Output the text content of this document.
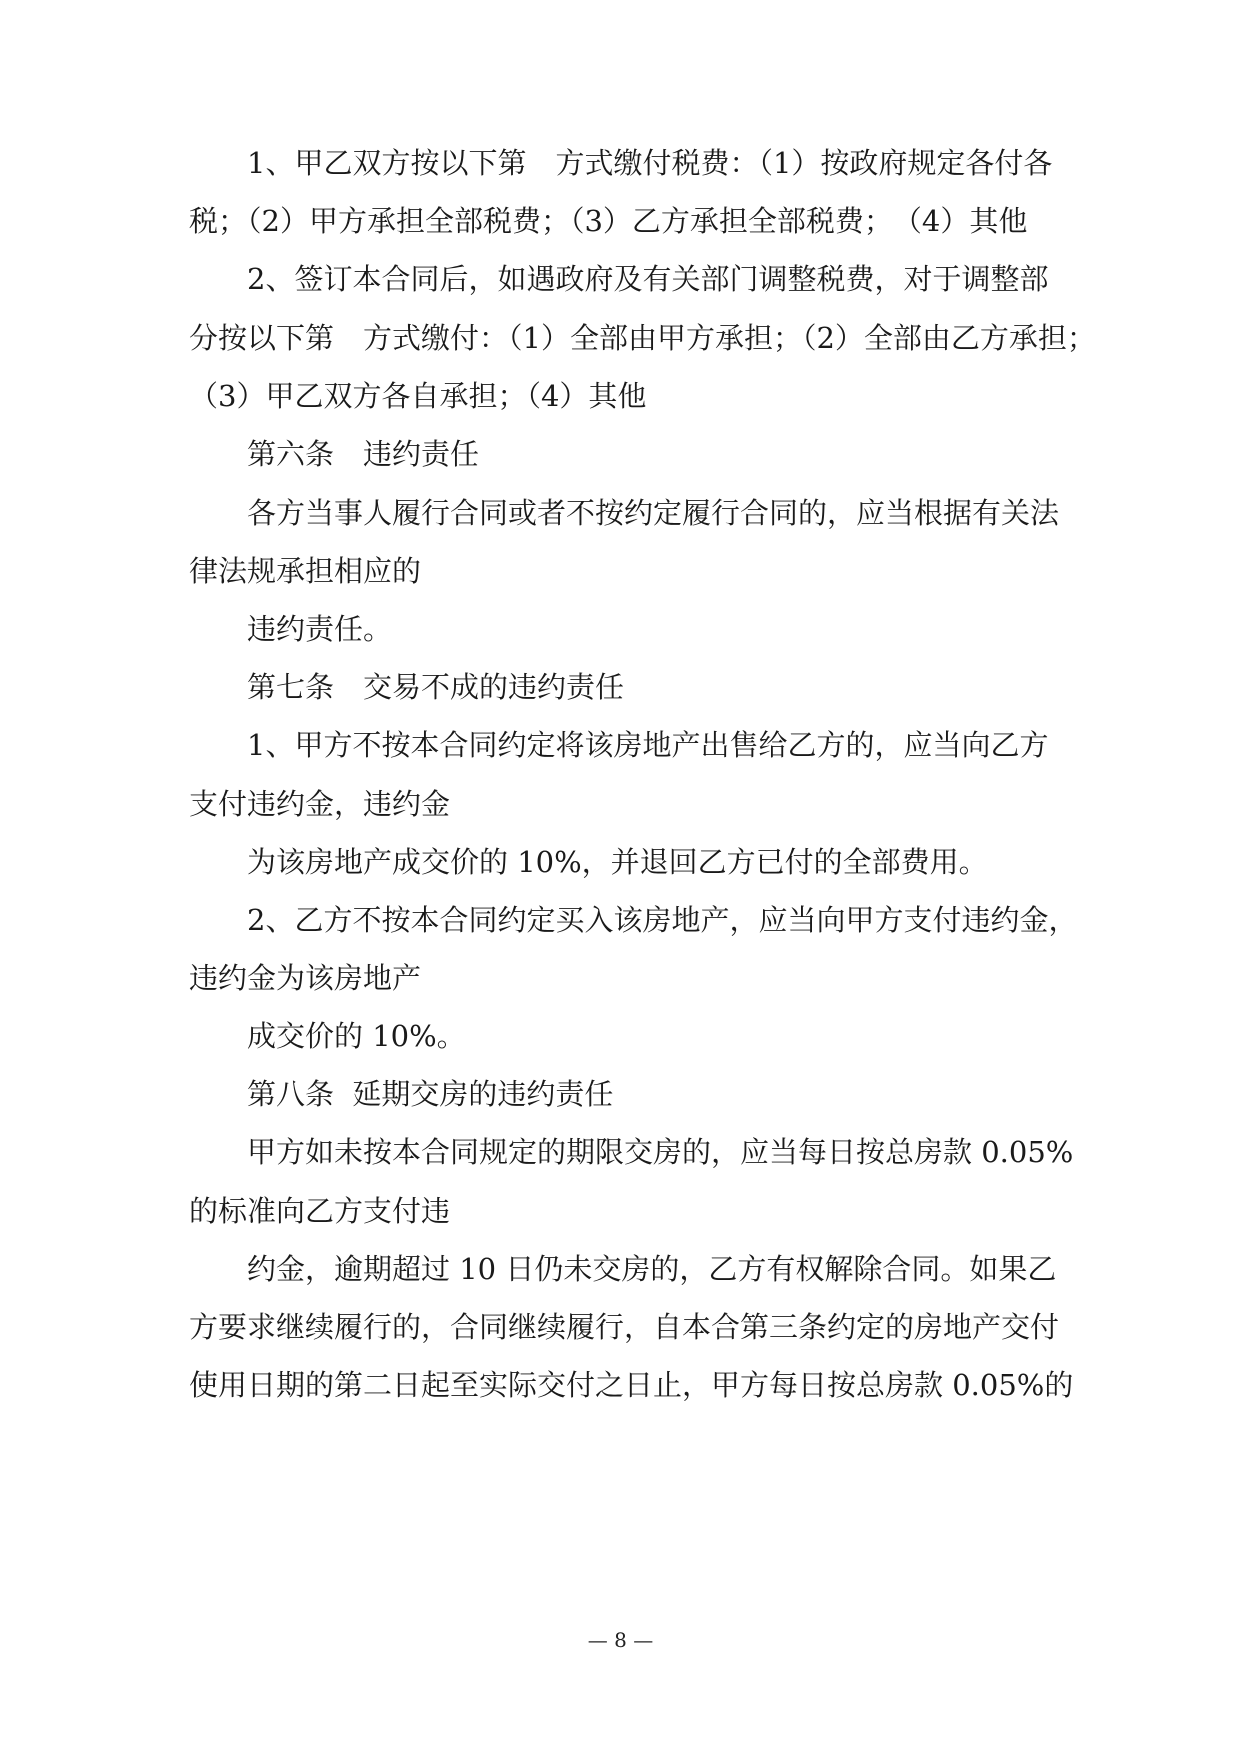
1、甲乙双方按以下第　方式缴付税费：（1）按政府规定各付各
税；（2）甲方承担全部税费；（3）乙方承担全部税费；　（4）其他
2、签订本合同后，如遇政府及有关部门调整税费，对于调整部
分按以下第　方式缴付：（1）全部由甲方承担；（2）全部由乙方承担；
（3）甲乙双方各自承担；（4）其他
第六条　违约责任
各方当事人履行合同或者不按约定履行合同的，应当根据有关法
律法规承担相应的
违约责任。
第七条　交易不成的违约责任
1、甲方不按本合同约定将该房地产出售给乙方的，应当向乙方
支付违约金，违约金
为该房地产成交价的 10%，并退回乙方已付的全部费用。
2、乙方不按本合同约定买入该房地产，应当向甲方支付违约金，
违约金为该房地产
成交价的 10%。
第八条  延期交房的违约责任
甲方如未按本合同规定的期限交房的，应当每日按总房款 0.05%
的标准向乙方支付违
约金，逾期超过 10 日仍未交房的，乙方有权解除合同。如果乙
方要求继续履行的，合同继续履行，自本合第三条约定的房地产交付
使用日期的第二日起至实际交付之日止，甲方每日按总房款 0.05%的
— 8 —
